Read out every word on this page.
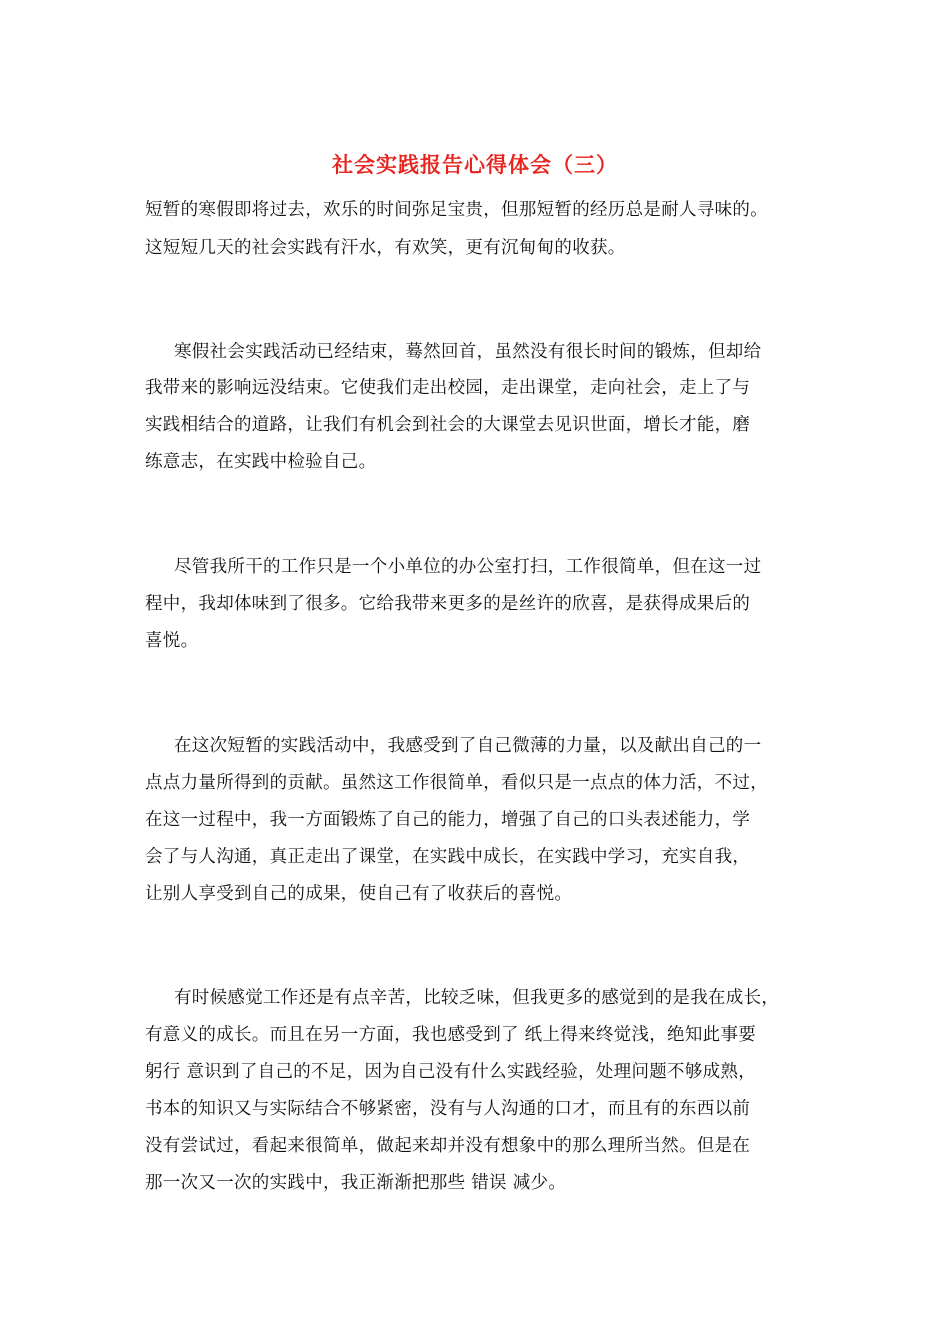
社会实践报告心得体会（三）
短暂的寒假即将过去，欢乐的时间弥足宝贵，但那短暂的经历总是耐人寻味的。
这短短几天的社会实践有汗水，有欢笑，更有沉甸甸的收获。
寒假社会实践活动已经结束，蓦然回首，虽然没有很长时间的锻炼，但却给
我带来的影响远没结束。它使我们走出校园，走出课堂，走向社会，走上了与
实践相结合的道路，让我们有机会到社会的大课堂去见识世面，增长才能，磨
练意志，在实践中检验自己。
尽管我所干的工作只是一个小单位的办公室打扫，工作很简单，但在这一过
程中，我却体味到了很多。它给我带来更多的是丝许的欣喜，是获得成果后的
喜悦。
在这次短暂的实践活动中，我感受到了自己微薄的力量，以及献出自己的一
点点力量所得到的贡献。虽然这工作很简单，看似只是一点点的体力活，不过，
在这一过程中，我一方面锻炼了自己的能力，增强了自己的口头表述能力，学
会了与人沟通，真正走出了课堂，在实践中成长，在实践中学习，充实自我，
让别人享受到自己的成果，使自己有了收获后的喜悦。
有时候感觉工作还是有点辛苦，比较乏味，但我更多的感觉到的是我在成长，
有意义的成长。而且在另一方面，我也感受到了 纸上得来终觉浅，绝知此事要
躬行 意识到了自己的不足，因为自己没有什么实践经验，处理问题不够成熟，
书本的知识又与实际结合不够紧密，没有与人沟通的口才，而且有的东西以前
没有尝试过，看起来很简单，做起来却并没有想象中的那么理所当然。但是在
那一次又一次的实践中，我正渐渐把那些 错误 减少。
